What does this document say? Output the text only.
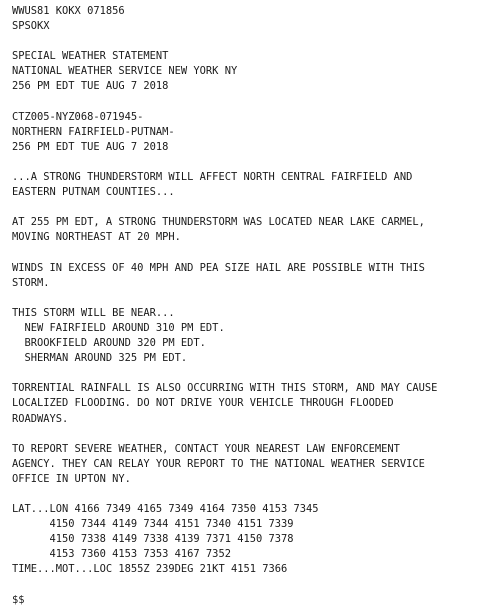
WWUS81 KOKX 071856
SPSOKX
SPECIAL WEATHER STATEMENT
NATIONAL WEATHER SERVICE NEW YORK NY
256 PM EDT TUE AUG 7 2018
CTZ005-NYZ068-071945-
NORTHERN FAIRFIELD-PUTNAM-
256 PM EDT TUE AUG 7 2018
...A STRONG THUNDERSTORM WILL AFFECT NORTH CENTRAL FAIRFIELD AND
EASTERN PUTNAM COUNTIES...
AT 255 PM EDT, A STRONG THUNDERSTORM WAS LOCATED NEAR LAKE CARMEL,
MOVING NORTHEAST AT 20 MPH.
WINDS IN EXCESS OF 40 MPH AND PEA SIZE HAIL ARE POSSIBLE WITH THIS
STORM.
THIS STORM WILL BE NEAR...
NEW FAIRFIELD AROUND 310 PM EDT.
BROOKFIELD AROUND 320 PM EDT.
SHERMAN AROUND 325 PM EDT.
TORRENTIAL RAINFALL IS ALSO OCCURRING WITH THIS STORM, AND MAY CAUSE
LOCALIZED FLOODING. DO NOT DRIVE YOUR VEHICLE THROUGH FLOODED
ROADWAYS.
TO REPORT SEVERE WEATHER, CONTACT YOUR NEAREST LAW ENFORCEMENT
AGENCY. THEY CAN RELAY YOUR REPORT TO THE NATIONAL WEATHER SERVICE
OFFICE IN UPTON NY.
LAT...LON 4166 7349 4165 7349 4164 7350 4153 7345
4150 7344 4149 7344 4151 7340 4151 7339
4150 7338 4149 7338 4139 7371 4150 7378
4153 7360 4153 7353 4167 7352
TIME...MOT...LOC 1855Z 239DEG 21KT 4151 7366
$$
